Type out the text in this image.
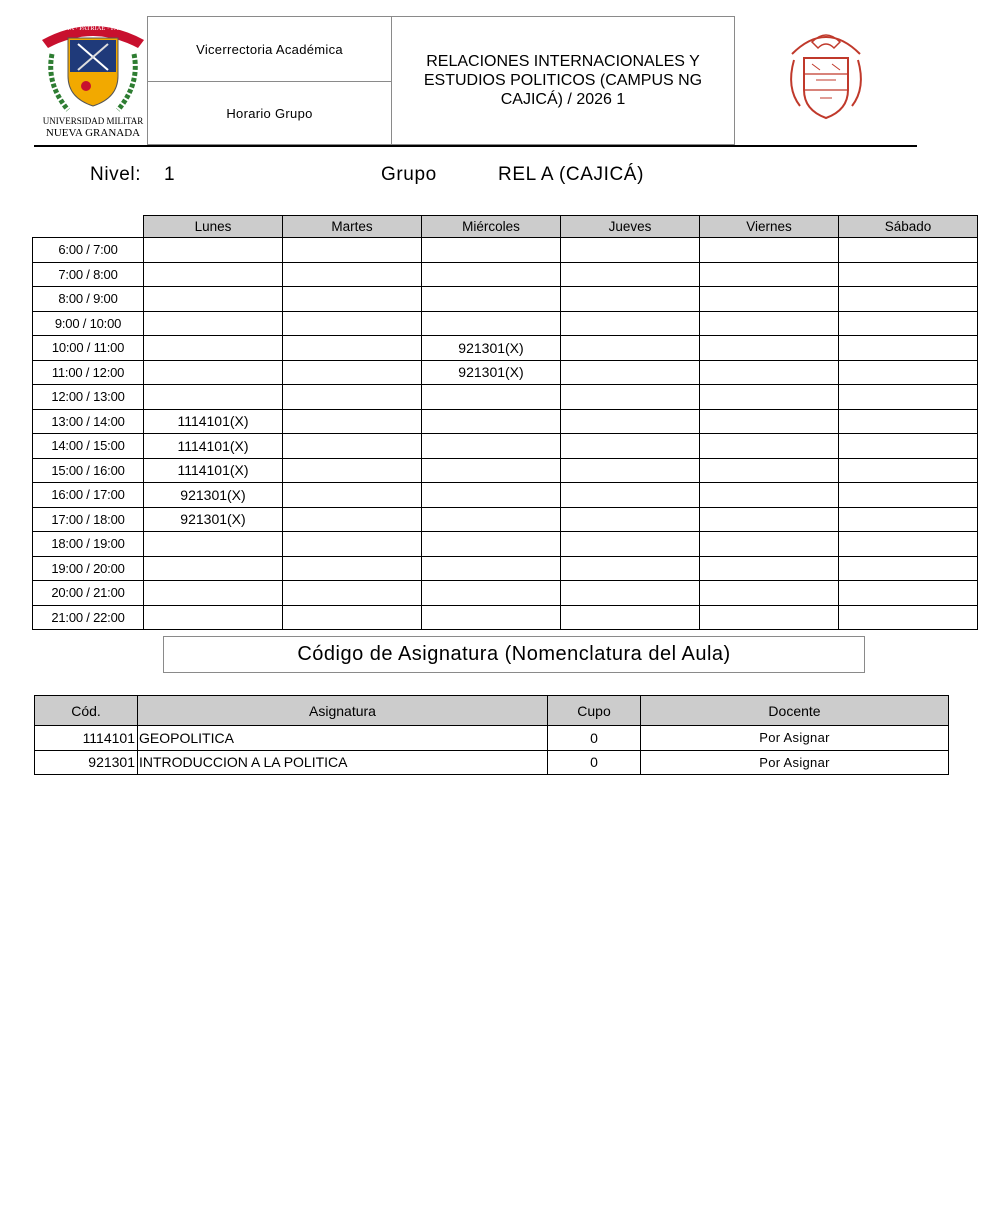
SCIENTIA · PATRIAE · FAMILIAE
UNIVERSIDAD MILITAR
NUEVA GRANADA
Vicerrectoria Académica
Horario Grupo
RELACIONES INTERNACIONALES Y ESTUDIOS POLITICOS (CAMPUS NG CAJICÁ) / 2026 1
Nivel: 1	Grupo	REL A (CAJICÁ)
	Lunes	Martes	Miércoles	Jueves	Viernes	Sábado
6:00 / 7:00						
7:00 / 8:00						
8:00 / 9:00						
9:00 / 10:00						
10:00 / 11:00			921301(X)			
11:00 / 12:00			921301(X)			
12:00 / 13:00						
13:00 / 14:00	1114101(X)					
14:00 / 15:00	1114101(X)					
15:00 / 16:00	1114101(X)					
16:00 / 17:00	921301(X)					
17:00 / 18:00	921301(X)					
18:00 / 19:00						
19:00 / 20:00						
20:00 / 21:00						
21:00 / 22:00						
Código de Asignatura (Nomenclatura del Aula)
Cód.	Asignatura	Cupo	Docente
1114101	GEOPOLITICA	0	Por Asignar
921301	INTRODUCCION A LA POLITICA	0	Por Asignar
